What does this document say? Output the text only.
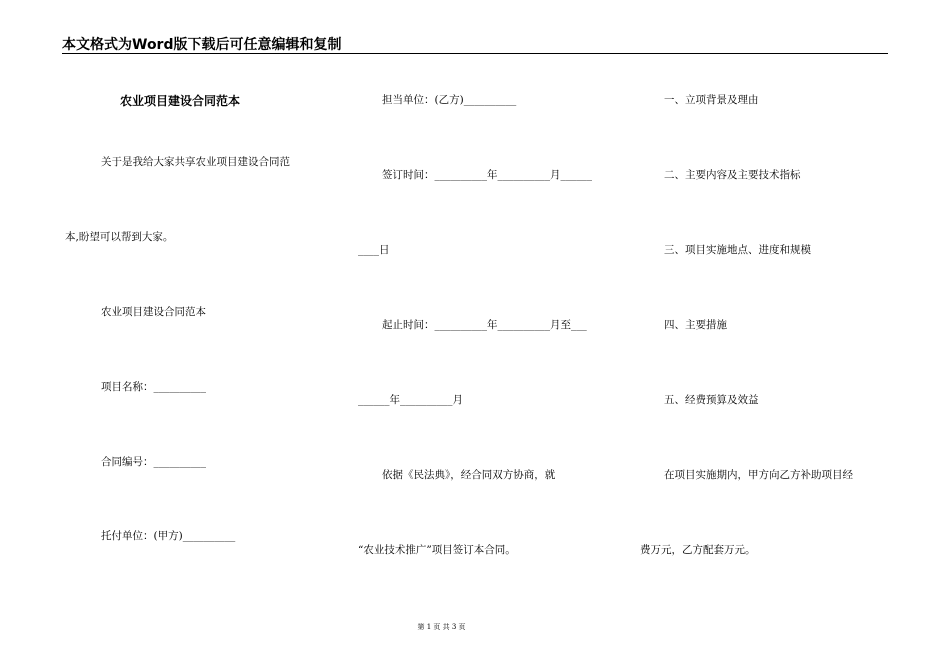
本文格式为Word版下载后可任意编辑和复制
农业项目建设合同范本
关于是我给大家共享农业项目建设合同范
本,盼望可以帮到大家。
农业项目建设合同范本
项目名称：__________
合同编号：__________
托付单位：(甲方)__________
担当单位：(乙方)__________
签订时间：__________年__________月______
____日
起止时间：__________年__________月至___
______年__________月
依据《民法典》，经合同双方协商，就
“农业技术推广”项目签订本合同。
一、立项背景及理由
二、主要内容及主要技术指标
三、项目实施地点、进度和规模
四、主要措施
五、经费预算及效益
在项目实施期内，甲方向乙方补助项目经
费万元，乙方配套万元。
第 1 页 共 3 页
